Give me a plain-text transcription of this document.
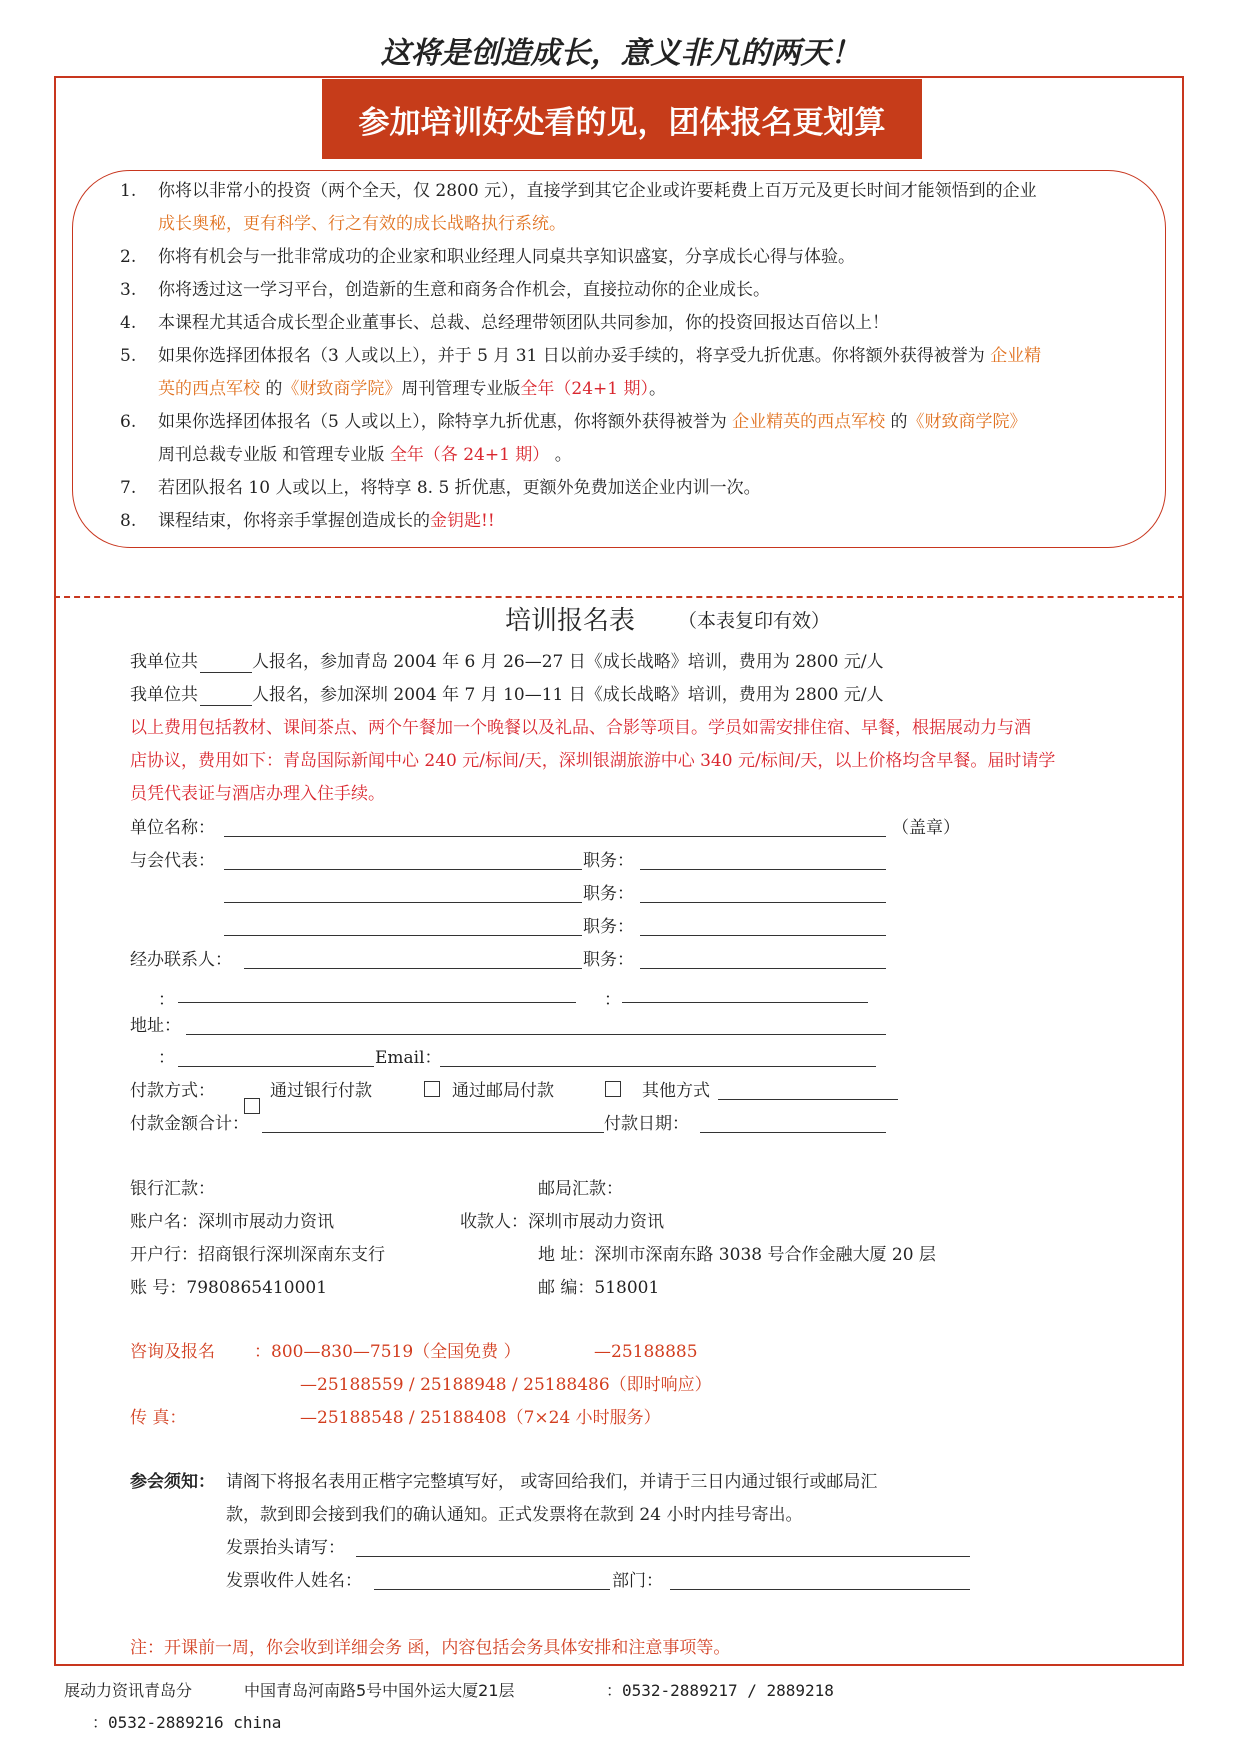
这将是创造成长，意义非凡的两天！
参加培训好处看的见，团体报名更划算
1.	你将以非常小的投资（两个全天，仅 2800 元），直接学到其它企业或许要耗费上百万元及更长时间才能领悟到的企业
成长奥秘，更有科学、行之有效的成长战略执行系统。
2.	你将有机会与一批非常成功的企业家和职业经理人同桌共享知识盛宴，分享成长心得与体验。
3.	你将透过这一学习平台，创造新的生意和商务合作机会，直接拉动你的企业成长。
4.	本课程尤其适合成长型企业董事长、总裁、总经理带领团队共同参加，你的投资回报达百倍以上！
5.	如果你选择团体报名（3 人或以上），并于 5 月 31 日以前办妥手续的，将享受九折优惠。你将额外获得被誉为 企业精
英的西点军校 的《财致商学院》周刊管理专业版全年（24+1 期）。
6.	如果你选择团体报名（5 人或以上），除特享九折优惠，你将额外获得被誉为 企业精英的西点军校 的《财致商学院》
周刊总裁专业版 和管理专业版 全年（各 24+1 期） 。
7.	若团队报名 10 人或以上，将特享 8. 5 折优惠，更额外免费加送企业内训一次。
8.	课程结束，你将亲手掌握创造成长的金钥匙!!
培训报名表 （本表复印有效）
我单位共	人报名，参加青岛 2004 年 6 月 26—27 日《成长战略》培训，费用为 2800 元/人
我单位共	人报名，参加深圳 2004 年 7 月 10—11 日《成长战略》培训，费用为 2800 元/人
以上费用包括教材、课间茶点、两个午餐加一个晚餐以及礼品、合影等项目。学员如需安排住宿、早餐，根据展动力与酒
店协议，费用如下：青岛国际新闻中心 240 元/标间/天，深圳银湖旅游中心 340 元/标间/天，以上价格均含早餐。届时请学
员凭代表证与酒店办理入住手续。
单位名称：	（盖章）
与会代表：	职务：
职务：
职务：
经办联系人：	职务：
：	：
地址：
：	Email：
付款方式：	通过银行付款	通过邮局付款	其他方式
付款金额合计：	付款日期：
银行汇款：	邮局汇款：
账户名：深圳市展动力资讯	收款人：深圳市展动力资讯
开户行：招商银行深圳深南东支行	地 址：深圳市深南东路 3038 号合作金融大厦 20 层
账 号：7980865410001	邮 编：518001
咨询及报名 ：800—830—7519（全国免费 ）	—25188885
—25188559 / 25188948 / 25188486（即时响应）
传 真：	—25188548 / 25188408（7×24 小时服务）
参会须知： 请阁下将报名表用正楷字完整填写好， 或寄回给我们，并请于三日内通过银行或邮局汇
款，款到即会接到我们的确认通知。正式发票将在款到 24 小时内挂号寄出。
发票抬头请写：
发票收件人姓名：	部门：
注：开课前一周，你会收到详细会务 函，内容包括会务具体安排和注意事项等。
展动力资讯青岛分	中国青岛河南路5号中国外运大厦21层	：0532-2889217 / 2889218
：0532-2889216 china
